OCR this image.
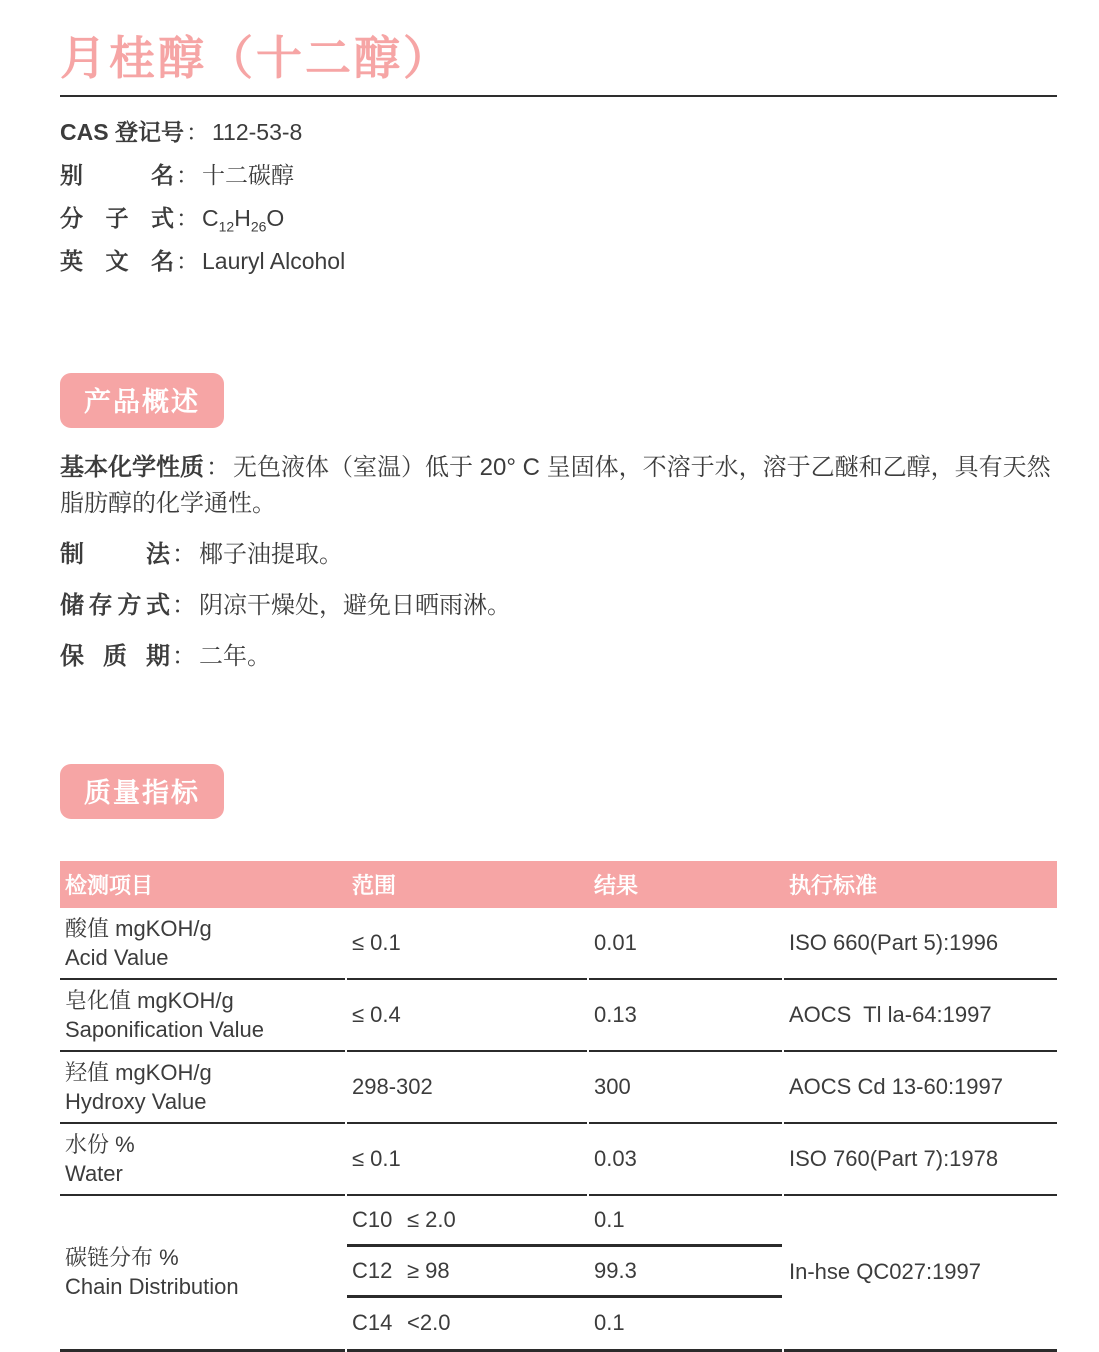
月桂醇（十二醇）
CAS 登记号： 112-53-8
别名： 十二碳醇
分子式： $C_{12}H_{26}O$
英文名： Lauryl Alcohol
产品概述

基本化学性质： 无色液体（室温）低于 20° C 呈固体，不溶于水，溶于乙醚和乙醇，具有天然脂肪醇的化学通性。

制法： 椰子油提取。

储存方式： 阴凉干燥处，避免日晒雨淋。

保质期： 二年。

质量指标
检测项目	范围	结果	执行标准
酸值 mgKOH/g
Acid Value
≤ 0.1	0.01	ISO 660(Part 5):1996
皂化值 mgKOH/g
Saponification Value
≤ 0.4	0.13	AOCS  Tl la-64:1997
羟值 mgKOH/g
Hydroxy Value
298-302	300	AOCS Cd 13-60:1997
水份 %
Water
≤ 0.1	0.03	ISO 760(Part 7):1978
碳链分布 %
Chain Distribution
C10 ≤ 2.0	0.1
C12 ≥ 98	99.3
C14 <2.0	0.1
In-hse QC027:1997
